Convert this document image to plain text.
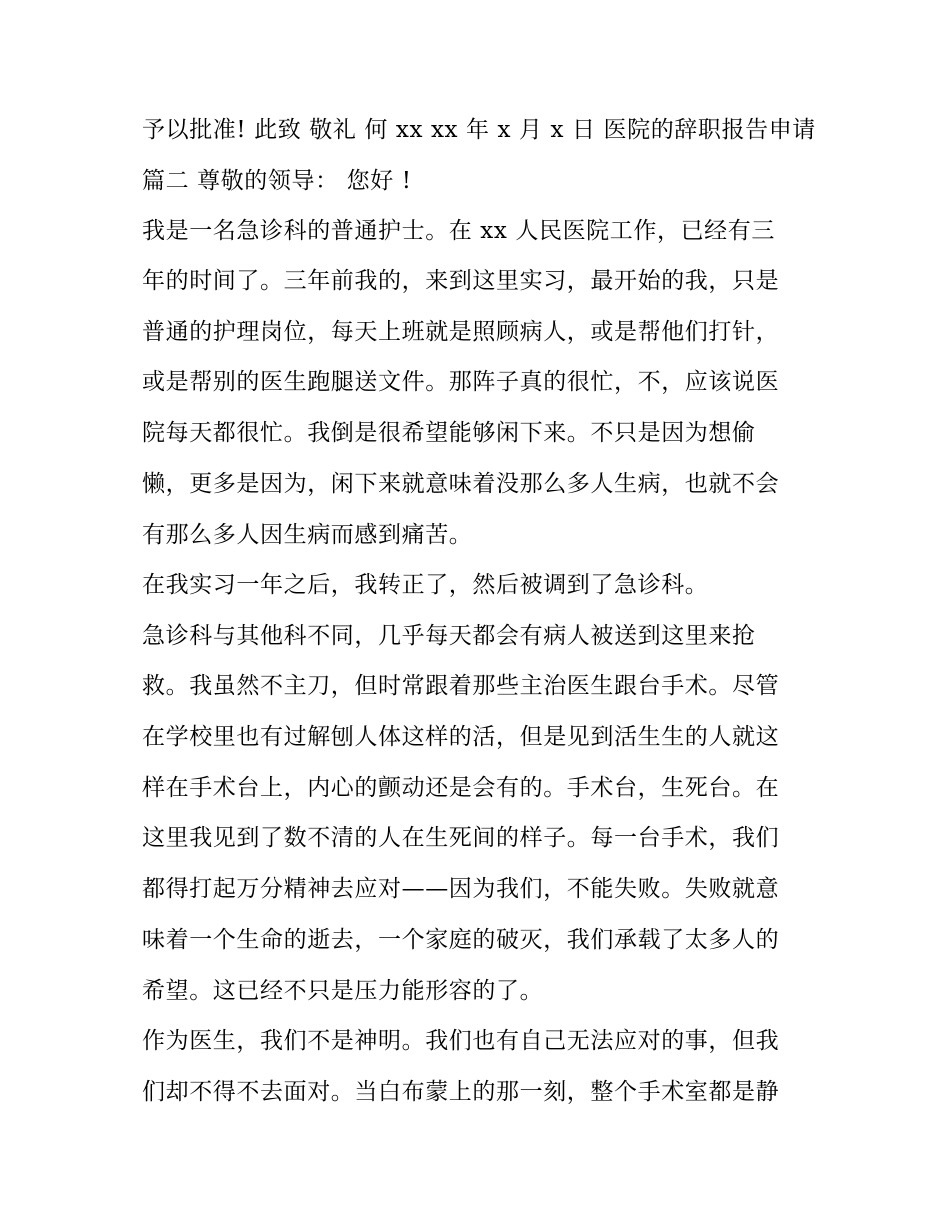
予以批准! 此致 敬礼 何 xx xx 年 x 月 x 日 医院的辞职报告申请
篇二 尊敬的领导： 您好 !
我是一名急诊科的普通护士。在 xx 人民医院工作，已经有三
年的时间了。三年前我的，来到这里实习，最开始的我，只是
普通的护理岗位，每天上班就是照顾病人，或是帮他们打针，
或是帮别的医生跑腿送文件。那阵子真的很忙，不，应该说医
院每天都很忙。我倒是很希望能够闲下来。不只是因为想偷
懒，更多是因为，闲下来就意味着没那么多人生病，也就不会
有那么多人因生病而感到痛苦。
在我实习一年之后，我转正了，然后被调到了急诊科。
急诊科与其他科不同，几乎每天都会有病人被送到这里来抢
救。我虽然不主刀，但时常跟着那些主治医生跟台手术。尽管
在学校里也有过解刨人体这样的活，但是见到活生生的人就这
样在手术台上，内心的颤动还是会有的。手术台，生死台。在
这里我见到了数不清的人在生死间的样子。每一台手术，我们
都得打起万分精神去应对——因为我们，不能失败。失败就意
味着一个生命的逝去，一个家庭的破灭，我们承载了太多人的
希望。这已经不只是压力能形容的了。
作为医生，我们不是神明。我们也有自己无法应对的事，但我
们却不得不去面对。当白布蒙上的那一刻，整个手术室都是静
